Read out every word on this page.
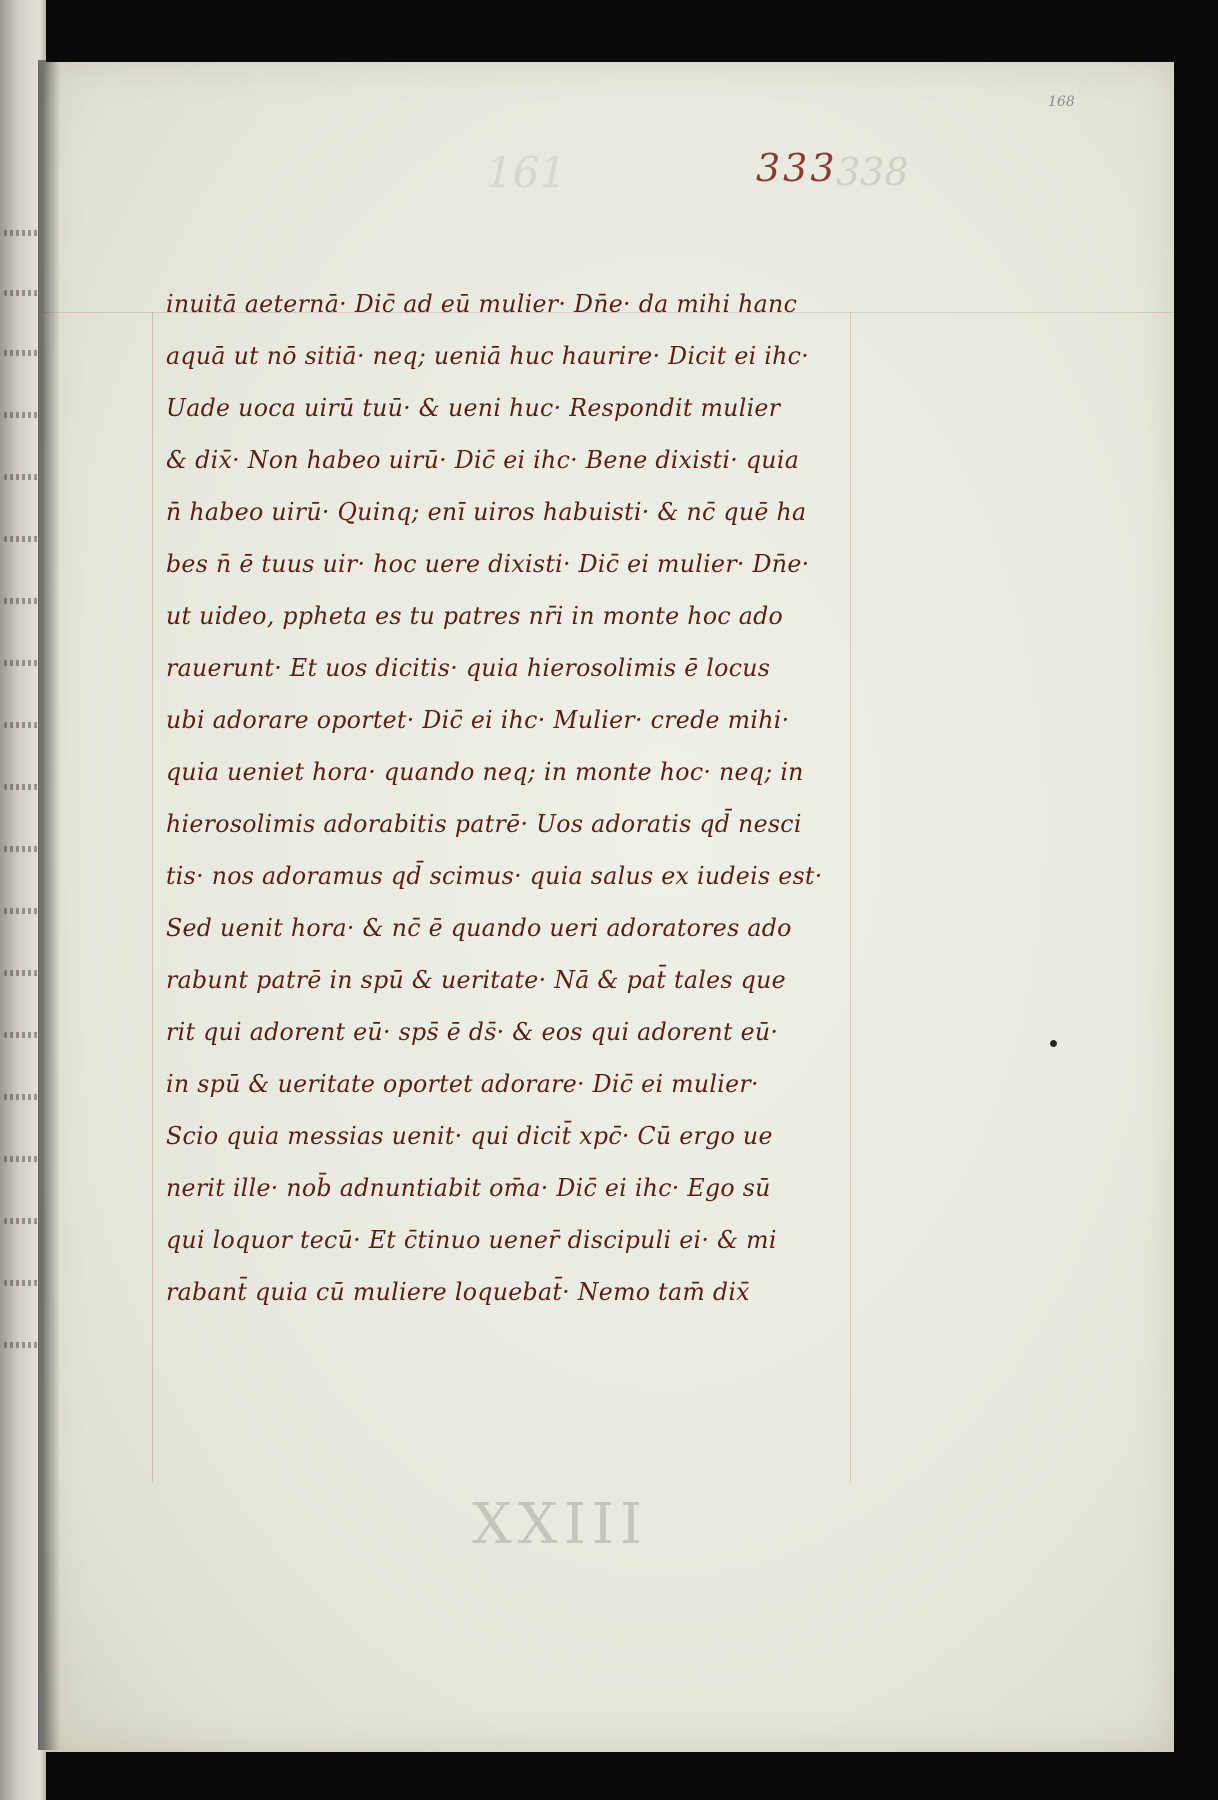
161
168
333
338
inuitā aeternā· Dic̄ ad eū mulier· Dn̄e· da mihi hanc
aquā ut nō sitiā· neq; ueniā huc haurire· Dicit ei ihc·
Uade uoca uirū tuū· & ueni huc· Respondit mulier
& dix̄· Non habeo uirū· Dic̄ ei ihc· Bene dixisti· quia
n̄ habeo uirū· Quinq; enī uiros habuisti· & nc̄ quē ha
bes n̄ ē tuus uir· hoc uere dixisti· Dic̄ ei mulier· Dn̄e·
ut uideo, ppheta es tu patres nr̄i in monte hoc ado
rauerunt· Et uos dicitis· quia hierosolimis ē locus
ubi adorare oportet· Dic̄ ei ihc· Mulier· crede mihi·
quia ueniet hora· quando neq; in monte hoc· neq; in
hierosolimis adorabitis patrē· Uos adoratis qd̄ nesci
tis· nos adoramus qd̄ scimus· quia salus ex iudeis est·
Sed uenit hora· & nc̄ ē quando ueri adoratores ado
rabunt patrē in spū & ueritate· Nā & pat̄ tales que
rit qui adorent eū· sps̄ ē ds̄· & eos qui adorent eū·
in spū & ueritate oportet adorare· Dic̄ ei mulier·
Scio quia messias uenit· qui dicit̄ xpc̄· Cū ergo ue
nerit ille· nob̄ adnuntiabit om̄a· Dic̄ ei ihc· Ego sū
qui loquor tecū· Et c̄tinuo uener̄ discipuli ei· & mi
rabant̄ quia cū muliere loquebat̄· Nemo tam̄ dix̄
XXIII
